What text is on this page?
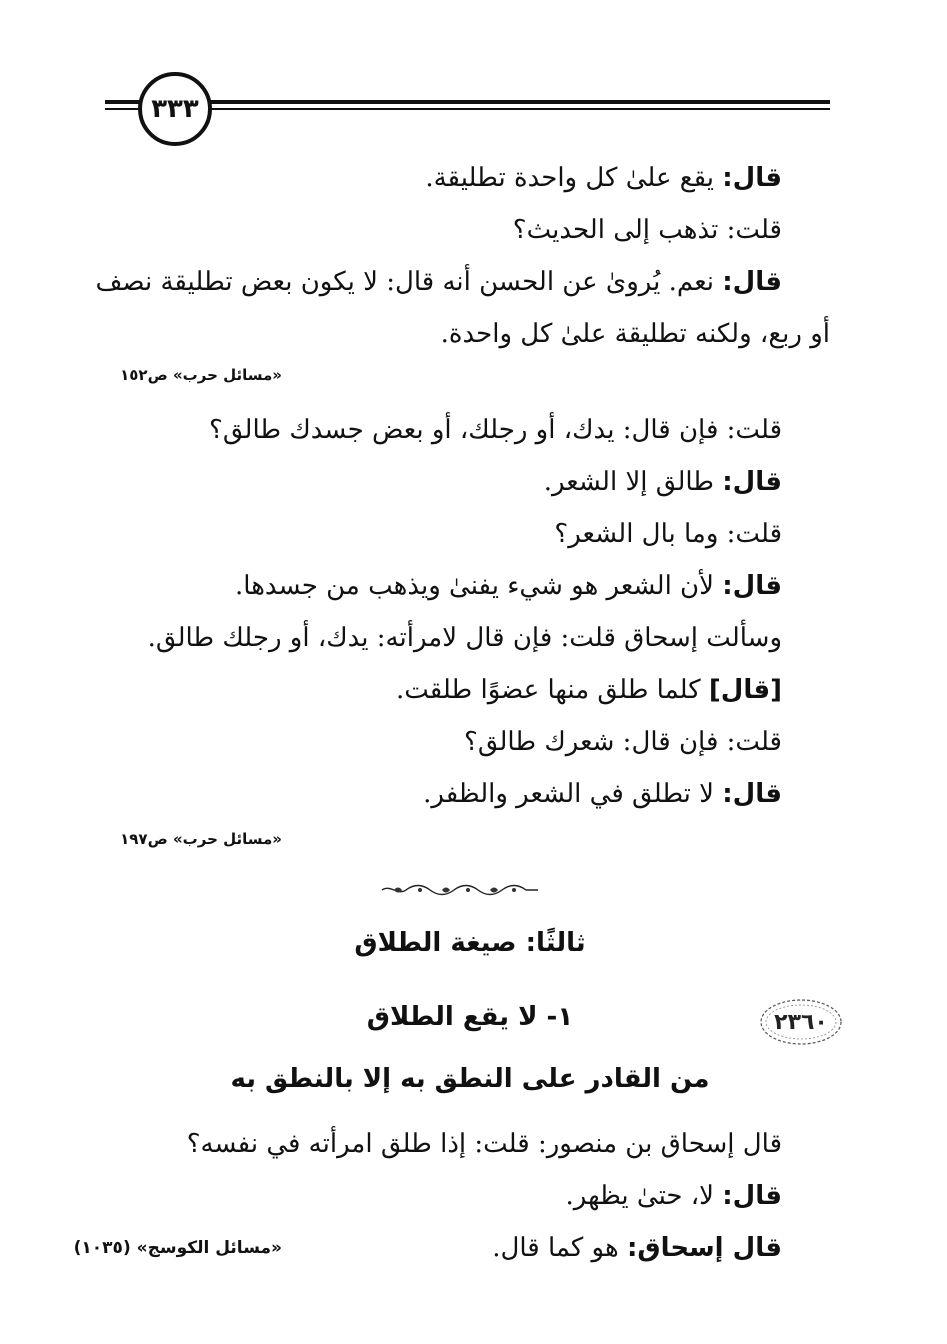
٣٣٣
قال: يقع علىٰ كل واحدة تطليقة.
قلت: تذهب إلى الحديث؟
قال: نعم. يُروىٰ عن الحسن أنه قال: لا يكون بعض تطليقة نصف
أو ربع، ولكنه تطليقة علىٰ كل واحدة.
«مسائل حرب» ص١٥٢
قلت: فإن قال: يدك، أو رجلك، أو بعض جسدك طالق؟
قال: طالق إلا الشعر.
قلت: وما بال الشعر؟
قال: لأن الشعر هو شيء يفنىٰ ويذهب من جسدها.
وسألت إسحاق قلت: فإن قال لامرأته: يدك، أو رجلك طالق.
[قال] كلما طلق منها عضوًا طلقت.
قلت: فإن قال: شعرك طالق؟
قال: لا تطلق في الشعر والظفر.
«مسائل حرب» ص١٩٧
ثالثًا: صيغة الطلاق
١- لا يقع الطلاق	٢٣٦٠
من القادر على النطق به إلا بالنطق به
قال إسحاق بن منصور: قلت: إذا طلق امرأته في نفسه؟
قال: لا، حتىٰ يظهر.
قال إسحاق: هو كما قال.
«مسائل الكوسج» (١٠٣٥)
